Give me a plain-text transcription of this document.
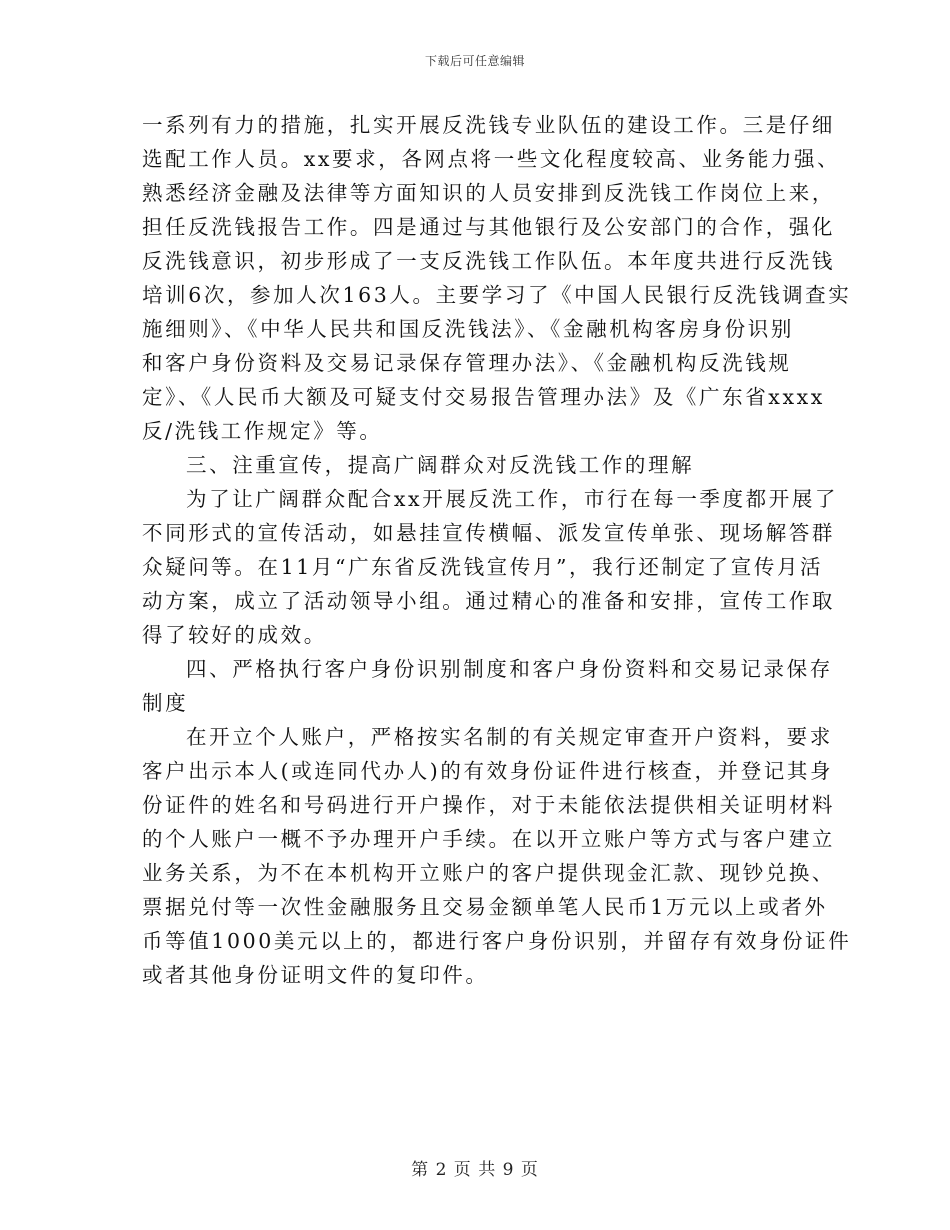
下载后可任意编辑
一系列有力的措施，扎实开展反洗钱专业队伍的建设工作。三是仔细
选配工作人员。xx要求，各网点将一些文化程度较高、业务能力强、
熟悉经济金融及法律等方面知识的人员安排到反洗钱工作岗位上来，
担任反洗钱报告工作。四是通过与其他银行及公安部门的合作，强化
反洗钱意识，初步形成了一支反洗钱工作队伍。本年度共进行反洗钱
培训6次，参加人次163人。主要学习了《中国人民银行反洗钱调查实
施细则》、《中华人民共和国反洗钱法》、《金融机构客房身份识别
和客户身份资料及交易记录保存管理办法》、《金融机构反洗钱规
定》、《人民币大额及可疑支付交易报告管理办法》及《广东省xxxx
反/洗钱工作规定》等。
三、注重宣传，提高广阔群众对反洗钱工作的理解
为了让广阔群众配合xx开展反洗工作，市行在每一季度都开展了
不同形式的宣传活动，如悬挂宣传横幅、派发宣传单张、现场解答群
众疑问等。在11月“广东省反洗钱宣传月”，我行还制定了宣传月活
动方案，成立了活动领导小组。通过精心的准备和安排，宣传工作取
得了较好的成效。
四、严格执行客户身份识别制度和客户身份资料和交易记录保存
制度
在开立个人账户，严格按实名制的有关规定审查开户资料，要求
客户出示本人(或连同代办人)的有效身份证件进行核查，并登记其身
份证件的姓名和号码进行开户操作，对于未能依法提供相关证明材料
的个人账户一概不予办理开户手续。在以开立账户等方式与客户建立
业务关系，为不在本机构开立账户的客户提供现金汇款、现钞兑换、
票据兑付等一次性金融服务且交易金额单笔人民币1万元以上或者外
币等值1000美元以上的，都进行客户身份识别，并留存有效身份证件
或者其他身份证明文件的复印件。
第 2 页 共 9 页
